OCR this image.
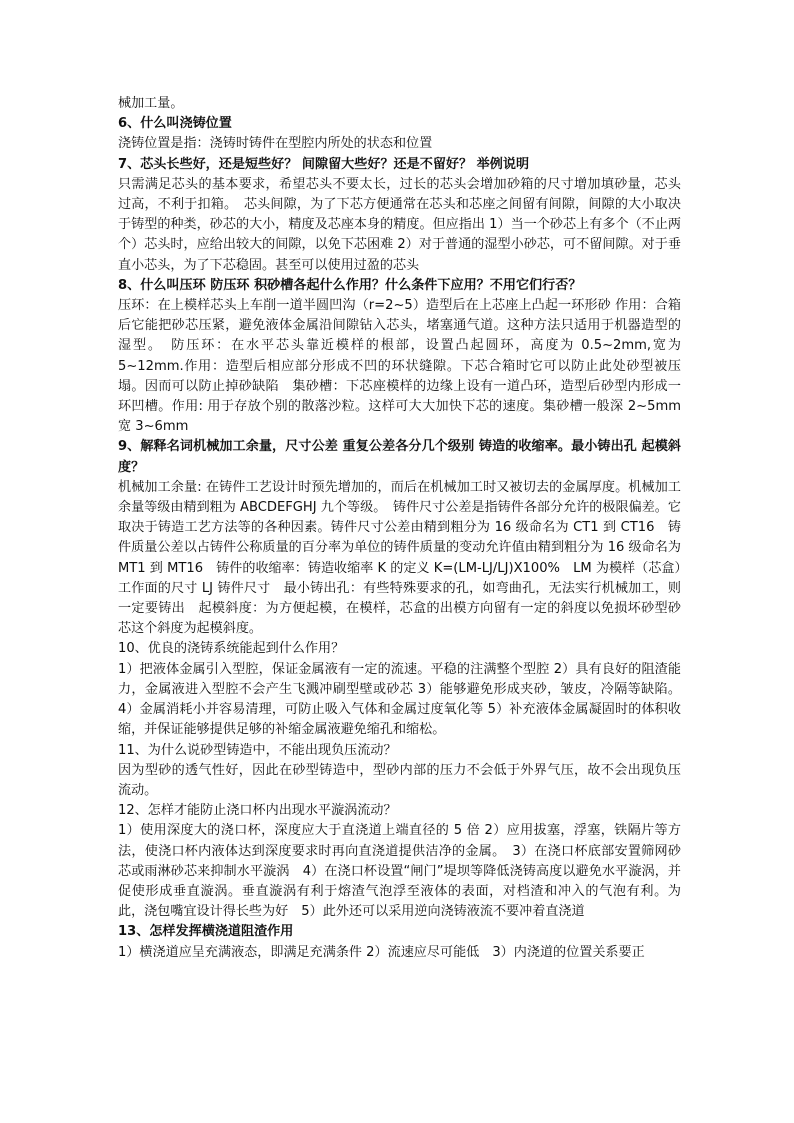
械加工量。

6、什么叫浇铸位置

浇铸位置是指：浇铸时铸件在型腔内所处的状态和位置

7、芯头长些好，还是短些好？ 间隙留大些好？还是不留好？ 举例说明

只需满足芯头的基本要求，希望芯头不要太长，过长的芯头会增加砂箱的尺寸增加填砂量，芯头过高，不利于扣箱。　芯头间隙，为了下芯方便通常在芯头和芯座之间留有间隙，间隙的大小取决于铸型的种类，砂芯的大小，精度及芯座本身的精度。但应指出 1）当一个砂芯上有多个（不止两个）芯头时，应给出较大的间隙，以免下芯困难 2）对于普通的湿型小砂芯，可不留间隙。对于垂直小芯头，为了下芯稳固。甚至可以使用过盈的芯头

8、什么叫压环 防压环 积砂槽各起什么作用？什么条件下应用？不用它们行否？

压环：在上模样芯头上车削一道半圆凹沟（r=2~5）造型后在上芯座上凸起一环形砂 作用：合箱后它能把砂芯压紧，避免液体金属沿间隙钻入芯头，堵塞通气道。这种方法只适用于机器造型的湿型。　防压环：在水平芯头靠近模样的根部，设置凸起圆环，高度为 0.5~2mm,宽为 5~12mm.作用：造型后相应部分形成不凹的环状缝隙。下芯合箱时它可以防止此处砂型被压塌。因而可以防止掉砂缺陷　集砂槽：下芯座模样的边缘上设有一道凸环，造型后砂型内形成一环凹槽。作用: 用于存放个别的散落沙粒。这样可大大加快下芯的速度。集砂槽一般深 2~5mm 宽 3~6mm

9、解释名词机械加工余量，尺寸公差 重复公差各分几个级别 铸造的收缩率。最小铸出孔 起模斜度？

机械加工余量: 在铸件工艺设计时预先增加的，而后在机械加工时又被切去的金属厚度。机械加工余量等级由精到粗为 ABCDEFGHJ 九个等级。　铸件尺寸公差是指铸件各部分允许的极限偏差。它取决于铸造工艺方法等的各种因素。铸件尺寸公差由精到粗分为 16 级命名为 CT1 到 CT16　铸件质量公差以占铸件公称质量的百分率为单位的铸件质量的变动允许值由精到粗分为 16 级命名为 MT1 到 MT16　铸件的收缩率：铸造收缩率 K 的定义 K=(LM-LJ/LJ)X100%　LM 为模样（芯盒）工作面的尺寸 LJ 铸件尺寸　最小铸出孔：有些特殊要求的孔，如弯曲孔，无法实行机械加工，则一定要铸出　起模斜度：为方便起模，在模样，芯盒的出模方向留有一定的斜度以免损坏砂型砂芯这个斜度为起模斜度。

10、优良的浇铸系统能起到什么作用？

1）把液体金属引入型腔，保证金属液有一定的流速。平稳的注满整个型腔 2）具有良好的阻渣能力，金属液进入型腔不会产生飞溅冲刷型壁或砂芯 3）能够避免形成夹砂，皱皮，冷隔等缺陷。 4）金属消耗小并容易清理，可防止吸入气体和金属过度氧化等 5）补充液体金属凝固时的体积收缩，并保证能够提供足够的补缩金属液避免缩孔和缩松。

11、为什么说砂型铸造中，不能出现负压流动？

因为型砂的透气性好，因此在砂型铸造中，型砂内部的压力不会低于外界气压，故不会出现负压流动。

12、怎样才能防止浇口杯内出现水平漩涡流动？

1）使用深度大的浇口杯，深度应大于直浇道上端直径的 5 倍 2）应用拔塞，浮塞，铁隔片等方法，使浇口杯内液体达到深度要求时再向直浇道提供洁净的金属。　3）在浇口杯底部安置筛网砂芯或雨淋砂芯来抑制水平漩涡　4）在浇口杯设置“闸门”堤坝等降低浇铸高度以避免水平漩涡，并促使形成垂直漩涡。垂直漩涡有利于熔渣气泡浮至液体的表面，对档渣和冲入的气泡有利。为此，浇包嘴宜设计得长些为好　5）此外还可以采用逆向浇铸液流不要冲着直浇道

13、怎样发挥横浇道阻渣作用

1）横浇道应呈充满液态，即满足充满条件 2）流速应尽可能低　3）内浇道的位置关系要正
